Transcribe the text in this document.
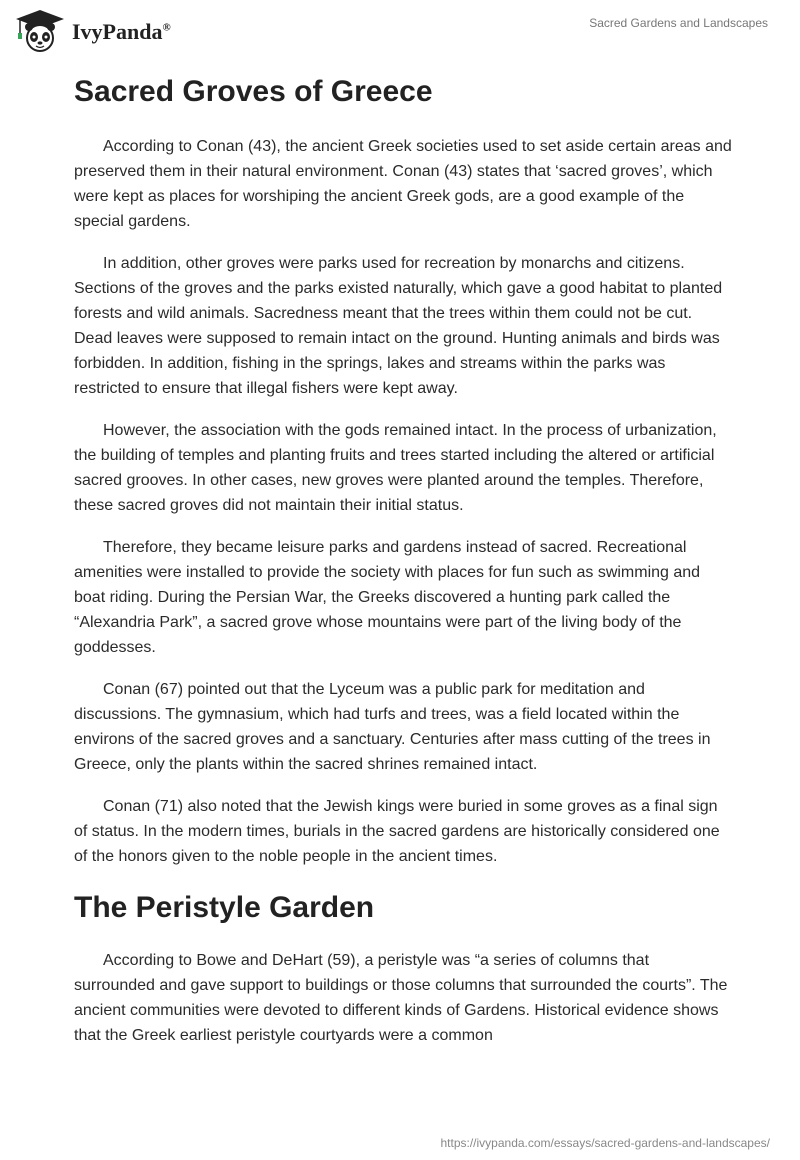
IvyPanda®	Sacred Gardens and Landscapes
Sacred Groves of Greece

According to Conan (43), the ancient Greek societies used to set aside certain areas and preserved them in their natural environment. Conan (43) states that ‘sacred groves’, which were kept as places for worshiping the ancient Greek gods, are a good example of the special gardens.

In addition, other groves were parks used for recreation by monarchs and citizens. Sections of the groves and the parks existed naturally, which gave a good habitat to planted forests and wild animals. Sacredness meant that the trees within them could not be cut. Dead leaves were supposed to remain intact on the ground. Hunting animals and birds was forbidden. In addition, fishing in the springs, lakes and streams within the parks was restricted to ensure that illegal fishers were kept away.

However, the association with the gods remained intact. In the process of urbanization, the building of temples and planting fruits and trees started including the altered or artificial sacred grooves. In other cases, new groves were planted around the temples. Therefore, these sacred groves did not maintain their initial status.

Therefore, they became leisure parks and gardens instead of sacred. Recreational amenities were installed to provide the society with places for fun such as swimming and boat riding. During the Persian War, the Greeks discovered a hunting park called the “Alexandria Park”, a sacred grove whose mountains were part of the living body of the goddesses.

Conan (67) pointed out that the Lyceum was a public park for meditation and discussions. The gymnasium, which had turfs and trees, was a field located within the environs of the sacred groves and a sanctuary. Centuries after mass cutting of the trees in Greece, only the plants within the sacred shrines remained intact.

Conan (71) also noted that the Jewish kings were buried in some groves as a final sign of status. In the modern times, burials in the sacred gardens are historically considered one of the honors given to the noble people in the ancient times.

The Peristyle Garden

According to Bowe and DeHart (59), a peristyle was “a series of columns that surrounded and gave support to buildings or those columns that surrounded the courts”. The ancient communities were devoted to different kinds of Gardens. Historical evidence shows that the Greek earliest peristyle courtyards were a common

https://ivypanda.com/essays/sacred-gardens-and-landscapes/
